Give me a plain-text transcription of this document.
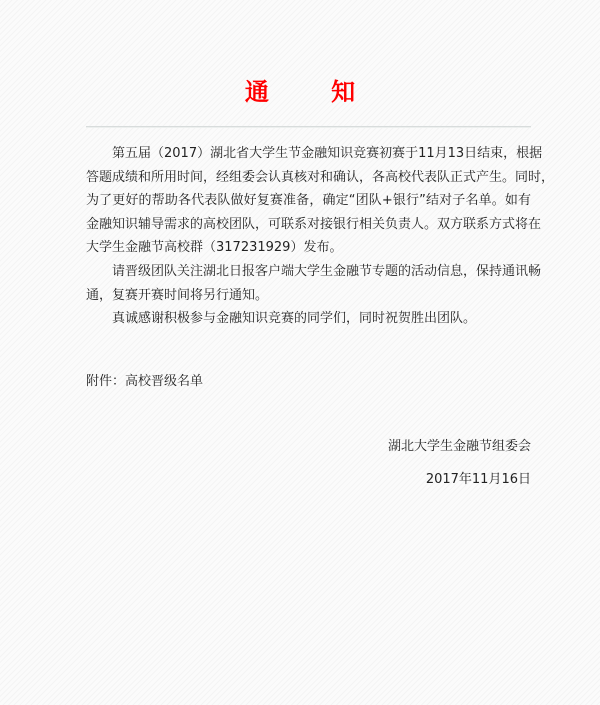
通	知
第五届（2017）湖北省大学生节金融知识竞赛初赛于11月13日结束，根据
答题成绩和所用时间，经组委会认真核对和确认，各高校代表队正式产生。同时，
为了更好的帮助各代表队做好复赛准备，确定“团队+银行”结对子名单。如有
金融知识辅导需求的高校团队，可联系对接银行相关负责人。双方联系方式将在
大学生金融节高校群（317231929）发布。
请晋级团队关注湖北日报客户端大学生金融节专题的活动信息，保持通讯畅
通，复赛开赛时间将另行通知。
真诚感谢积极参与金融知识竞赛的同学们，同时祝贺胜出团队。
附件：高校晋级名单
湖北大学生金融节组委会
2017年11月16日
